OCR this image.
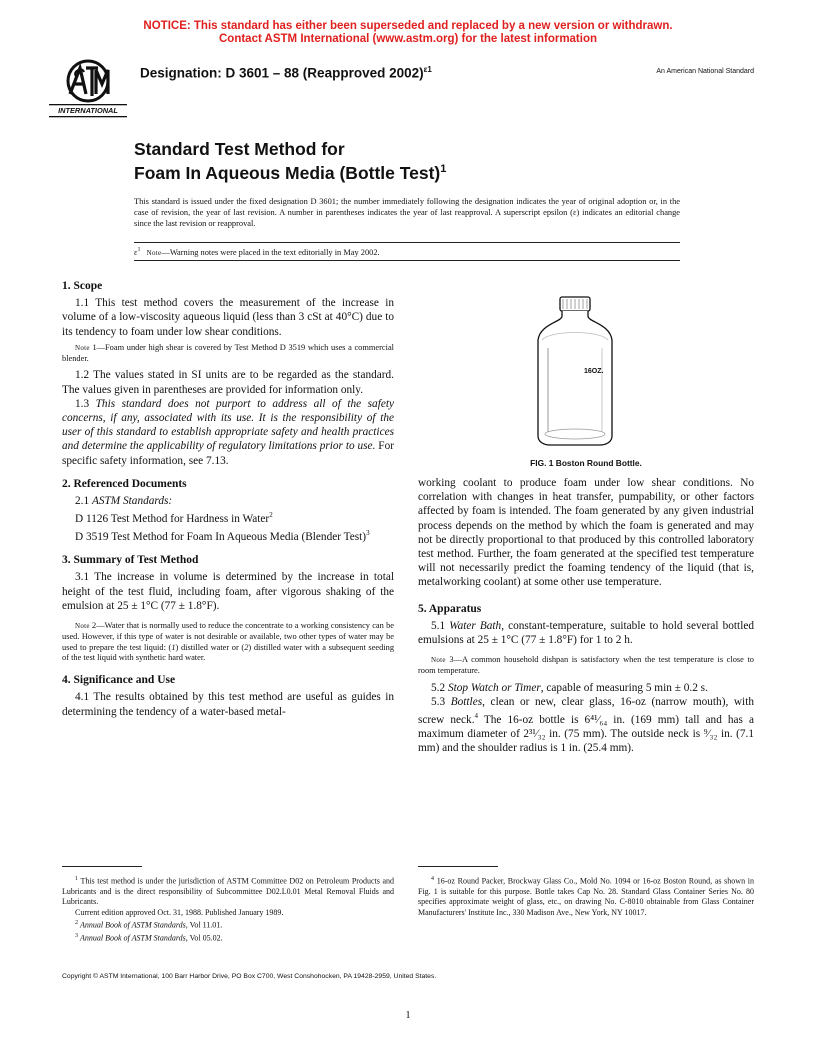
NOTICE: This standard has either been superseded and replaced by a new version or withdrawn.
Contact ASTM International (www.astm.org) for the latest information
INTERNATIONAL
Designation: D 3601 – 88 (Reapproved 2002)$^{\varepsilon 1}$	An American National Standard
Standard Test Method for
Foam In Aqueous Media (Bottle Test)$^1$
This standard is issued under the fixed designation D 3601; the number immediately following the designation indicates the year of original adoption or, in the case of revision, the year of last revision. A number in parentheses indicates the year of last reapproval. A superscript epsilon (ε) indicates an editorial change since the last revision or reapproval.
$\varepsilon^1$ Note—Warning notes were placed in the text editorially in May 2002.

1. Scope

1.1 This test method covers the measurement of the increase in volume of a low-viscosity aqueous liquid (less than 3 cSt at 40°C) due to its tendency to foam under low shear conditions.

Note 1—Foam under high shear is covered by Test Method D 3519 which uses a commercial blender.

1.2 The values stated in SI units are to be regarded as the standard. The values given in parentheses are provided for information only.

1.3 This standard does not purport to address all of the safety concerns, if any, associated with its use. It is the responsibility of the user of this standard to establish appropriate safety and health practices and determine the applicability of regulatory limitations prior to use. For specific safety information, see 7.13.

2. Referenced Documents

2.1 ASTM Standards:

D 1126 Test Method for Hardness in Water$^2$

D 3519 Test Method for Foam In Aqueous Media (Blender Test)$^3$

3. Summary of Test Method

3.1 The increase in volume is determined by the increase in total height of the test fluid, including foam, after vigorous shaking of the emulsion at 25 ± 1°C (77 ± 1.8°F).

Note 2—Water that is normally used to reduce the concentrate to a working consistency can be used. However, if this type of water is not desirable or available, two other types of water may be used to prepare the test liquid: (1) distilled water or (2) distilled water with a subsequent seeding of the test liquid with synthetic hard water.

4. Significance and Use

4.1 The results obtained by this test method are useful as guides in determining the tendency of a water-based metal-

16OZ.
FIG. 1 Boston Round Bottle.

working coolant to produce foam under low shear conditions. No correlation with changes in heat transfer, pumpability, or other factors affected by foam is intended. The foam generated by any given industrial process depends on the method by which the foam is generated and may not be directly proportional to that produced by this controlled laboratory test method. Further, the foam generated at the specified test temperature will not necessarily predict the foaming tendency of the liquid (that is, metalworking coolant) at some other use temperature.

5. Apparatus

5.1 Water Bath, constant-temperature, suitable to hold several bottled emulsions at 25 ± 1°C (77 ± 1.8°F) for 1 to 2 h.

Note 3—A common household dishpan is satisfactory when the test temperature is close to room temperature.

5.2 Stop Watch or Timer, capable of measuring 5 min ± 0.2 s.

5.3 Bottles, clean or new, clear glass, 16-oz (narrow mouth), with screw neck.$^4$ The 16-oz bottle is 6⁴¹⁄₆₄ in. (169 mm) tall and has a maximum diameter of 2³¹⁄₃₂ in. (75 mm). The outside neck is ⁹⁄₃₂ in. (7.1 mm) and the shoulder radius is 1 in. (25.4 mm).

$^1$ This test method is under the jurisdiction of ASTM Committee D02 on Petroleum Products and Lubricants and is the direct responsibility of Subcommittee D02.L0.01 Metal Removal Fluids and Lubricants.

Current edition approved Oct. 31, 1988. Published January 1989.

$^2$ Annual Book of ASTM Standards, Vol 11.01.

$^3$ Annual Book of ASTM Standards, Vol 05.02.

$^4$ 16-oz Round Packer, Brockway Glass Co., Mold No. 1094 or 16-oz Boston Round, as shown in Fig. 1 is suitable for this purpose. Bottle takes Cap No. 28. Standard Glass Container Series No. 80 specifies approximate weight of glass, etc., on drawing No. C-8010 obtainable from Glass Container Manufacturers' Institute Inc., 330 Madison Ave., New York, NY 10017.

Copyright © ASTM International, 100 Barr Harbor Drive, PO Box C700, West Conshohocken, PA 19428-2959, United States.
1
